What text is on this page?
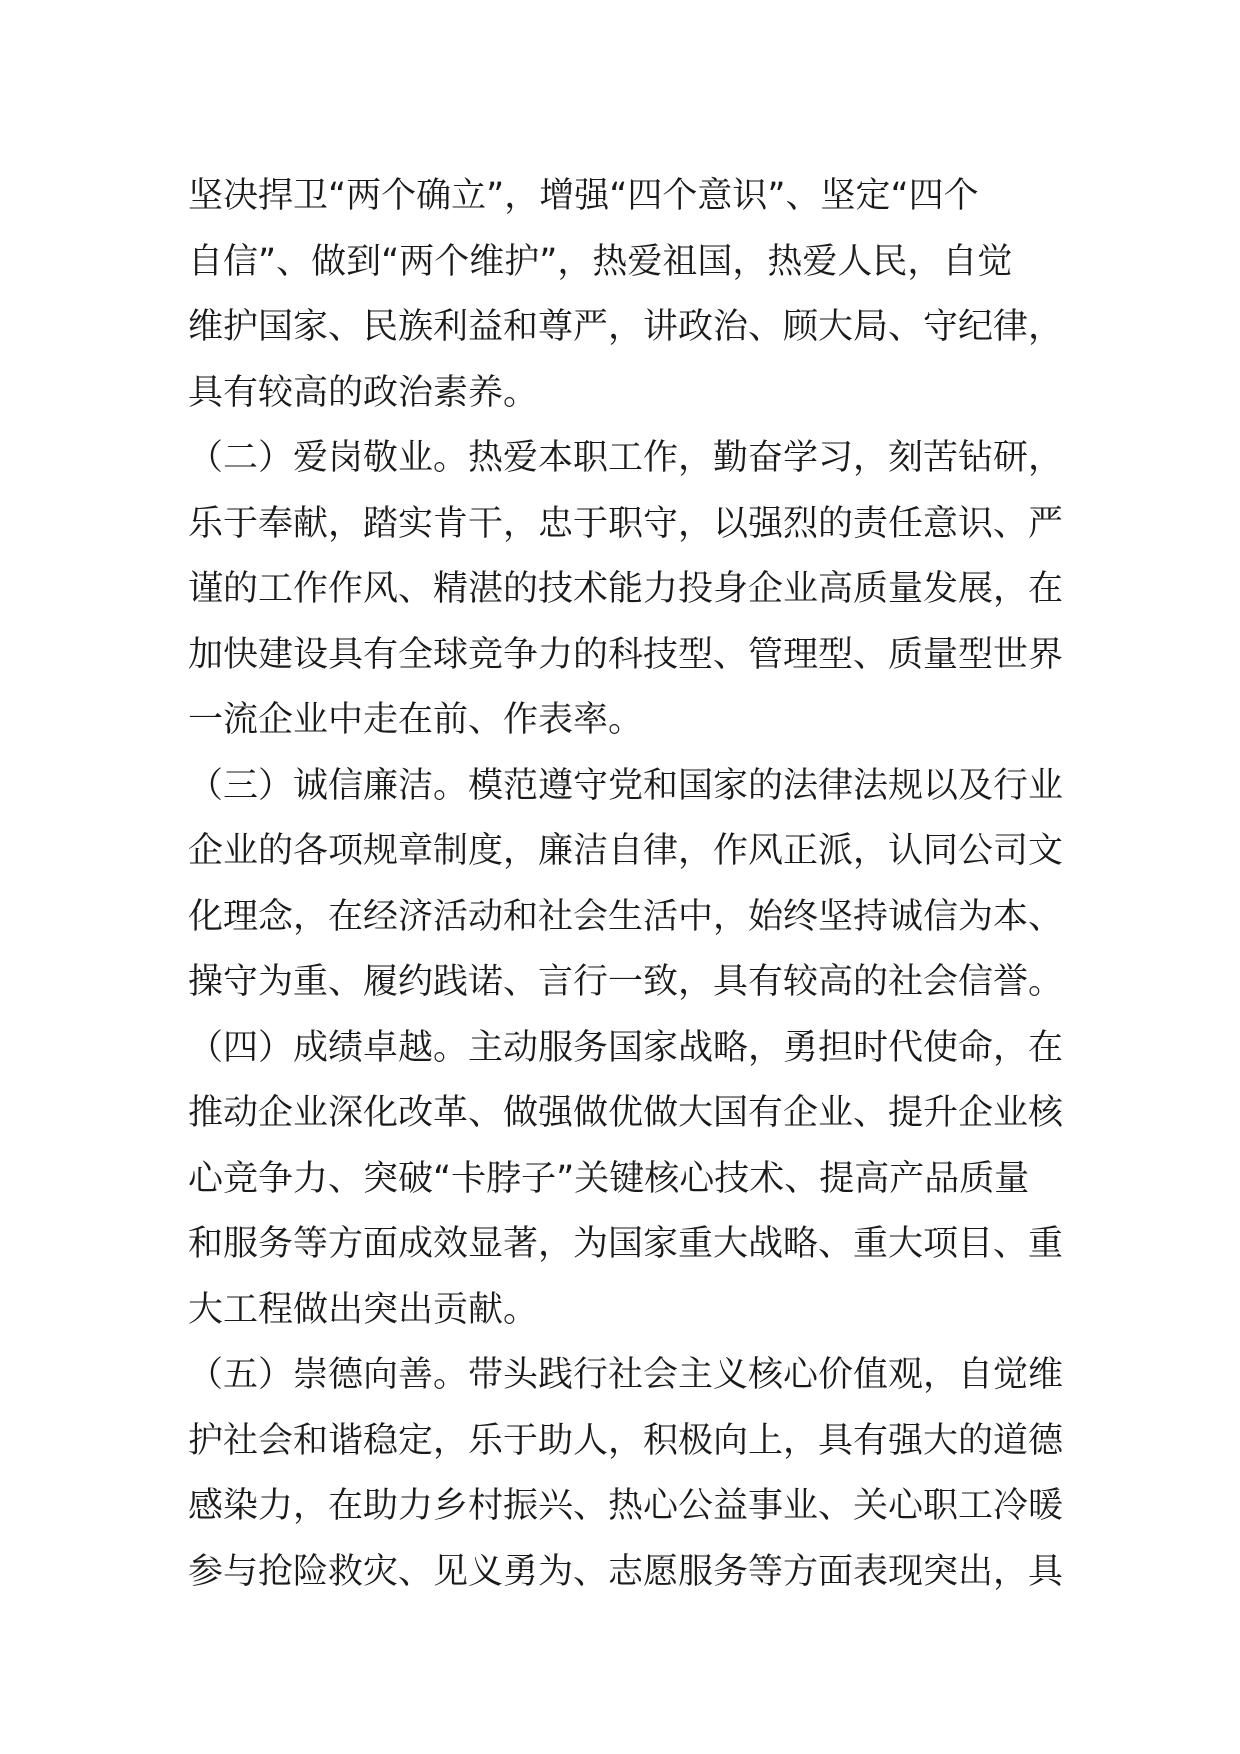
坚决捍卫“两个确立”，增强“四个意识”、坚定“四个
自信”、做到“两个维护”，热爱祖国，热爱人民，自觉
维护国家、民族利益和尊严，讲政治、顾大局、守纪律，
具有较高的政治素养。
（二）爱岗敬业。热爱本职工作，勤奋学习，刻苦钻研，
乐于奉献，踏实肯干，忠于职守，以强烈的责任意识、严
谨的工作作风、精湛的技术能力投身企业高质量发展，在
加快建设具有全球竞争力的科技型、管理型、质量型世界
一流企业中走在前、作表率。
（三）诚信廉洁。模范遵守党和国家的法律法规以及行业
企业的各项规章制度，廉洁自律，作风正派，认同公司文
化理念，在经济活动和社会生活中，始终坚持诚信为本、
操守为重、履约践诺、言行一致，具有较高的社会信誉。
（四）成绩卓越。主动服务国家战略，勇担时代使命，在
推动企业深化改革、做强做优做大国有企业、提升企业核
心竞争力、突破“卡脖子”关键核心技术、提高产品质量
和服务等方面成效显著，为国家重大战略、重大项目、重
大工程做出突出贡献。
（五）崇德向善。带头践行社会主义核心价值观，自觉维
护社会和谐稳定，乐于助人，积极向上，具有强大的道德
感染力，在助力乡村振兴、热心公益事业、关心职工冷暖
参与抢险救灾、见义勇为、志愿服务等方面表现突出，具
